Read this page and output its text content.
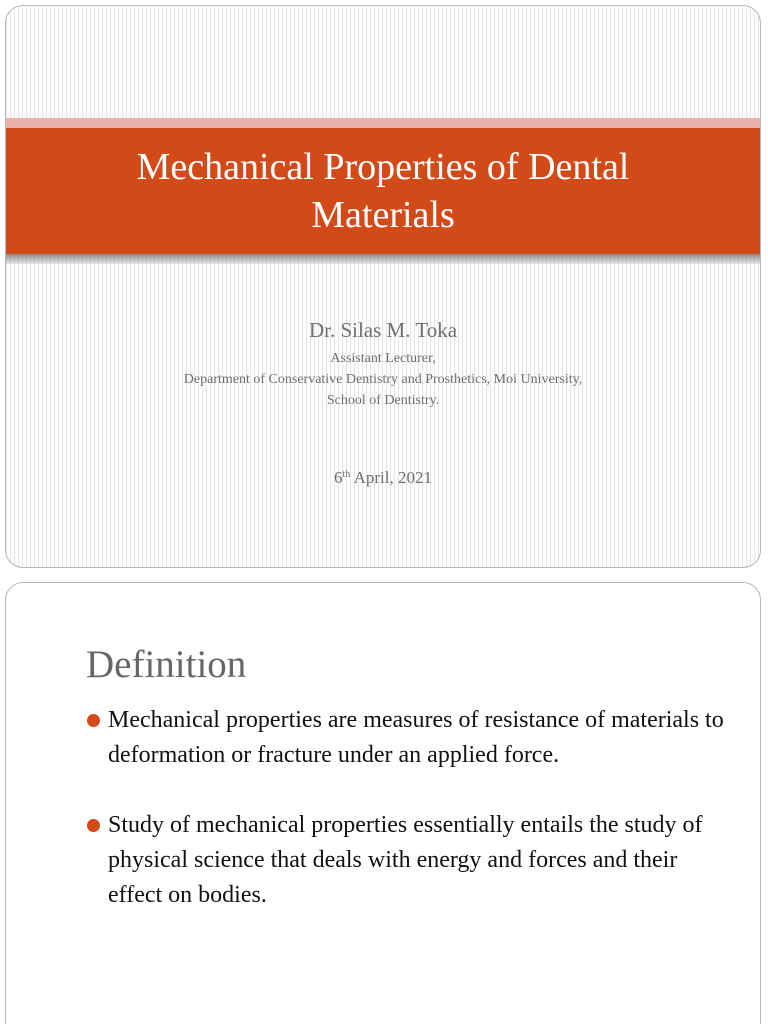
Mechanical Properties of Dental Materials

Dr. Silas M. Toka

Assistant Lecturer,

Department of Conservative Dentistry and Prosthetics, Moi University,

School of Dentistry.

6th April, 2021
Definition
Mechanical properties are measures of resistance of materials to deformation or fracture under an applied force.
Study of mechanical properties essentially entails the study of physical science that deals with energy and forces and their effect on bodies.
